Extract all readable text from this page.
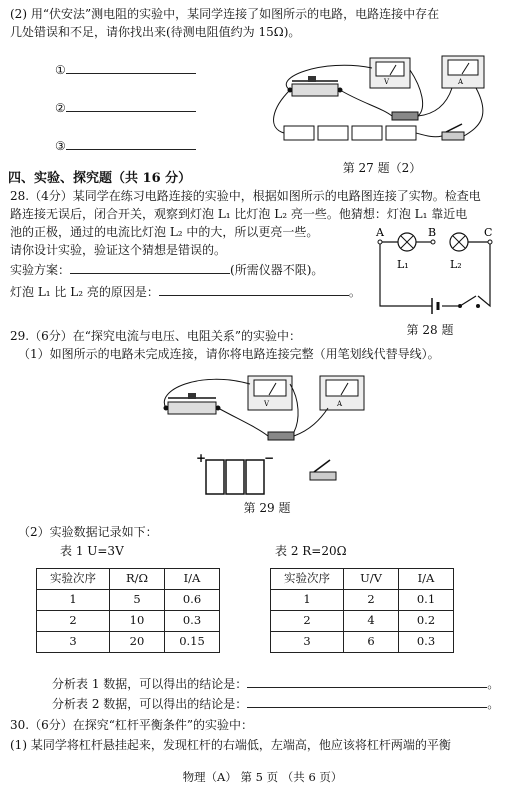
(2) 用“伏安法”测电阻的实验中，某同学连接了如图所示的电路，电路连接中存在
几处错误和不足，请你找出来(待测电阻值约为 15Ω)。
①
②
③
V	A
第 27 题（2）
四、实验、探究题（共 16 分）
28.（4分）某同学在练习电路连接的实验中，根据如图所示的电路图连接了实物。检查电
路连接无误后，闭合开关，观察到灯泡 L₁ 比灯泡 L₂ 亮一些。他猜想：灯泡 L₁ 靠近电
池的正极，通过的电流比灯泡 L₂ 中的大，所以更亮一些。
请你设计实验，验证这个猜想是错误的。
实验方案：	(所需仪器不限)。
灯泡 L₁ 比 L₂ 亮的原因是：	。
A	B	C
L₁	L₂
第 28 题
29.（6分）在“探究电流与电压、电阻关系”的实验中：
（1）如图所示的电路未完成连接，请你将电路连接完整（用笔划线代替导线）。
V	A
+	−
第 29 题
（2）实验数据记录如下：
表 1 U=3V	表 2 R=20Ω
实验次序	R/Ω	I/A
1	5	0.6
2	10	0.3
3	20	0.15
实验次序	U/V	I/A
1	2	0.1
2	4	0.2
3	6	0.3
分析表 1 数据，可以得出的结论是：	。
分析表 2 数据，可以得出的结论是：	。
30.（6分）在探究“杠杆平衡条件”的实验中：
(1) 某同学将杠杆悬挂起来，发现杠杆的右端低，左端高，他应该将杠杆两端的平衡
物理（A） 第 5 页 （共 6 页）
